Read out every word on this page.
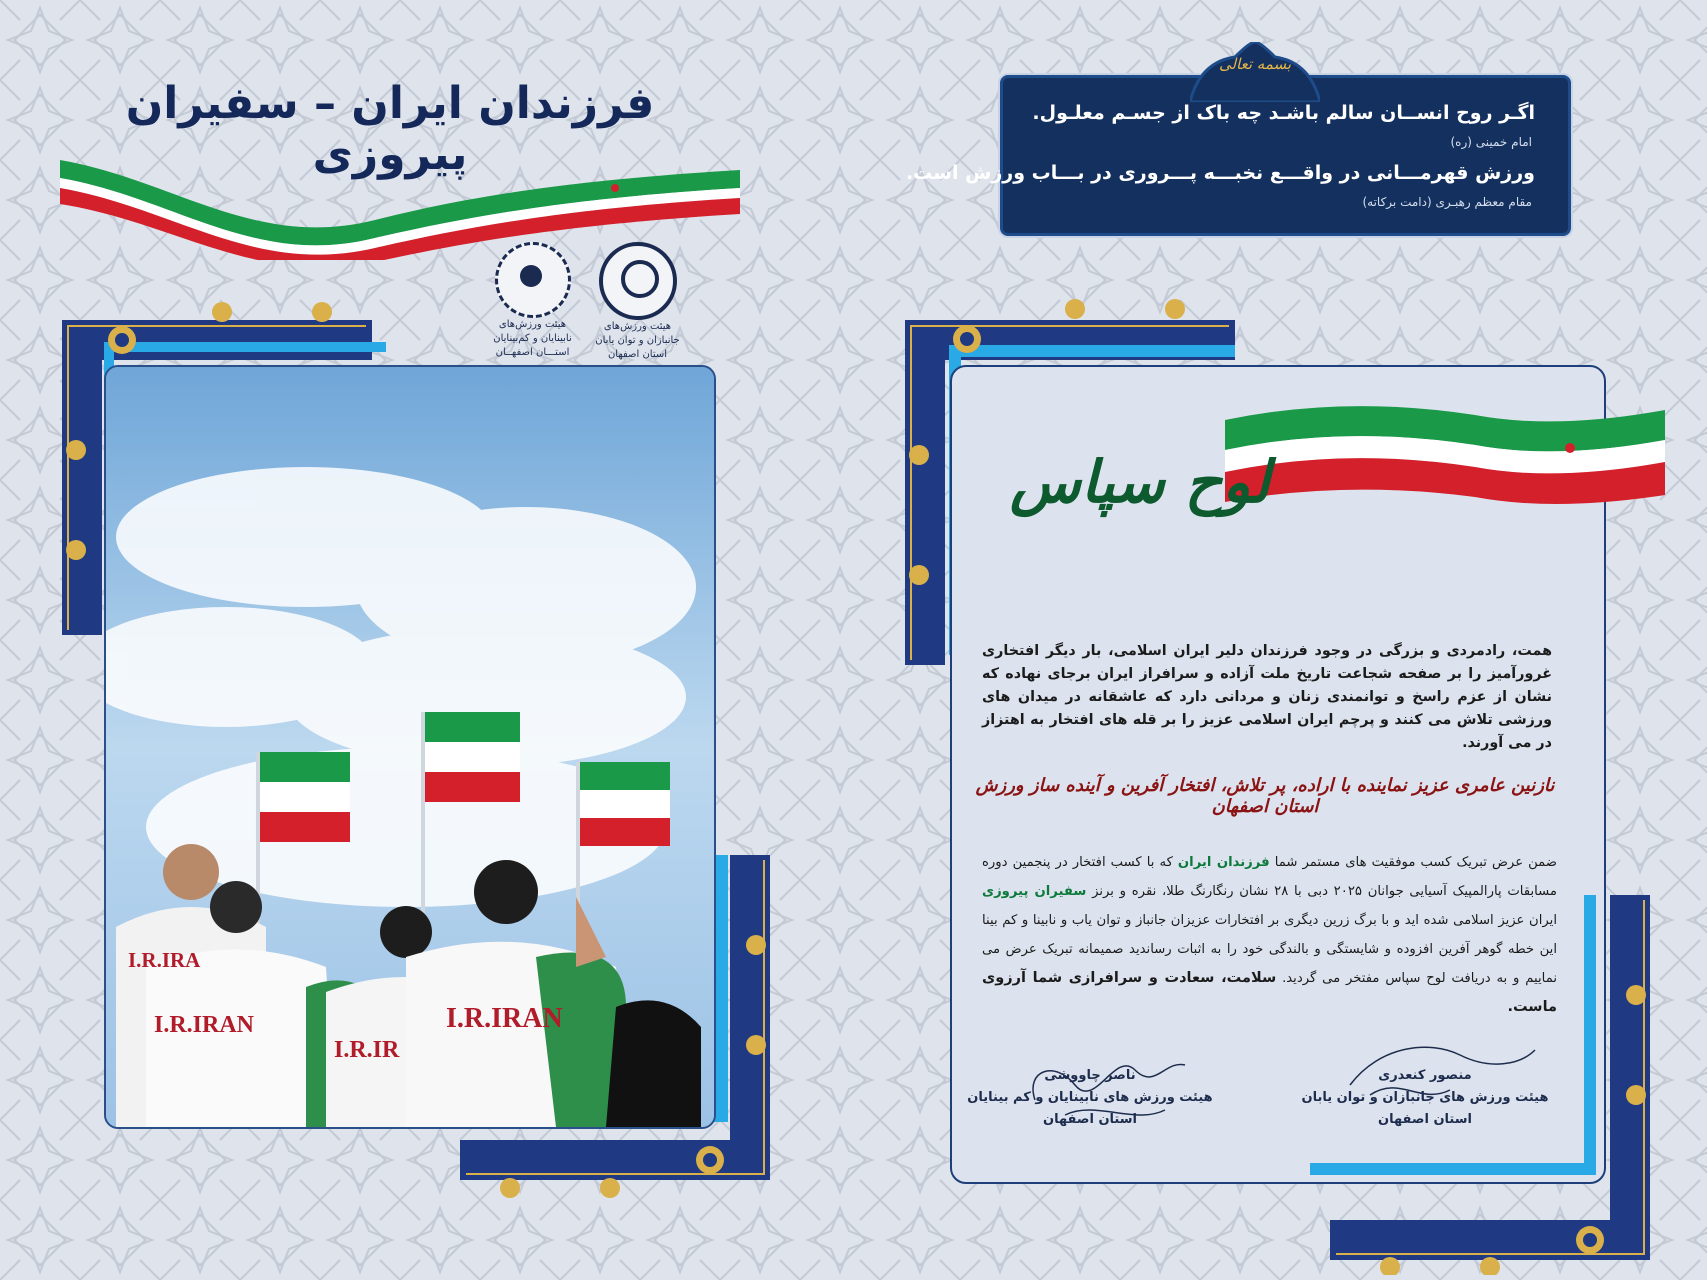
فرزندان ایران – سفیران پیروزی
هیئت ورزش‌های جانبازان و توان یابان
استان اصفهان
هیئت ورزش‌های نابینایان و کم‌بینایان
استـــان اصفهــان
I.R.IRA
I.R.IRAN
I.R.IR
I.R.IRAN
بسمه تعالی
اگـر روح انســان سالم باشـد چه باک از جسـم معلـول.
امام خمینی (ره)
ورزش قهرمـــانی در واقـــع نخبـــه پـــروری در بـــاب ورزش است.
مقام معظم رهبـری (دامت برکاته)
لوح سپاس
همت، رادمردی و بزرگی در وجود فرزندان دلیر ایران اسلامی، بار دیگر افتخاری غرورآمیز را بر صفحه شجاعت تاریخ ملت آزاده و سرافراز ایران برجای نهاده که نشان از عزم راسخ و توانمندی زنان و مردانی دارد که عاشقانه در میدان های ورزشی تلاش می کنند و پرچم ایران اسلامی عزیز را بر قله های افتخار به اهتزاز در می آورند.
نازنین عامری عزیز نماینده با اراده، پر تلاش، افتخار آفرین و آینده ساز ورزش استان اصفهان
ضمن عرض تبریک کسب موفقیت های مستمر شما فرزندان ایران که با کسب افتخار در پنجمین دوره مسابقات پارالمپیک آسیایی جوانان ۲۰۲۵ دبی با ۲۸ نشان رنگارنگ طلا، نقره و برنز سفیران پیروزی ایران عزیز اسلامی شده اید و با برگ زرین دیگری بر افتخارات عزیزان جانباز و توان یاب و نابینا و کم بینا این خطه گوهر آفرین افزوده و شایستگی و بالندگی خود را به اثبات رساندید صمیمانه تبریک عرض می نماییم و به دریافت لوح سپاس مفتخر می گردید. سلامت، سعادت و سرافرازی شما آرزوی ماست.
منصور کنعدری
هیئت ورزش های جانبازان و توان یابان
استان اصفهان
ناصر چاووشی
هیئت ورزش های نابینایان و کم بینایان
استان اصفهان
